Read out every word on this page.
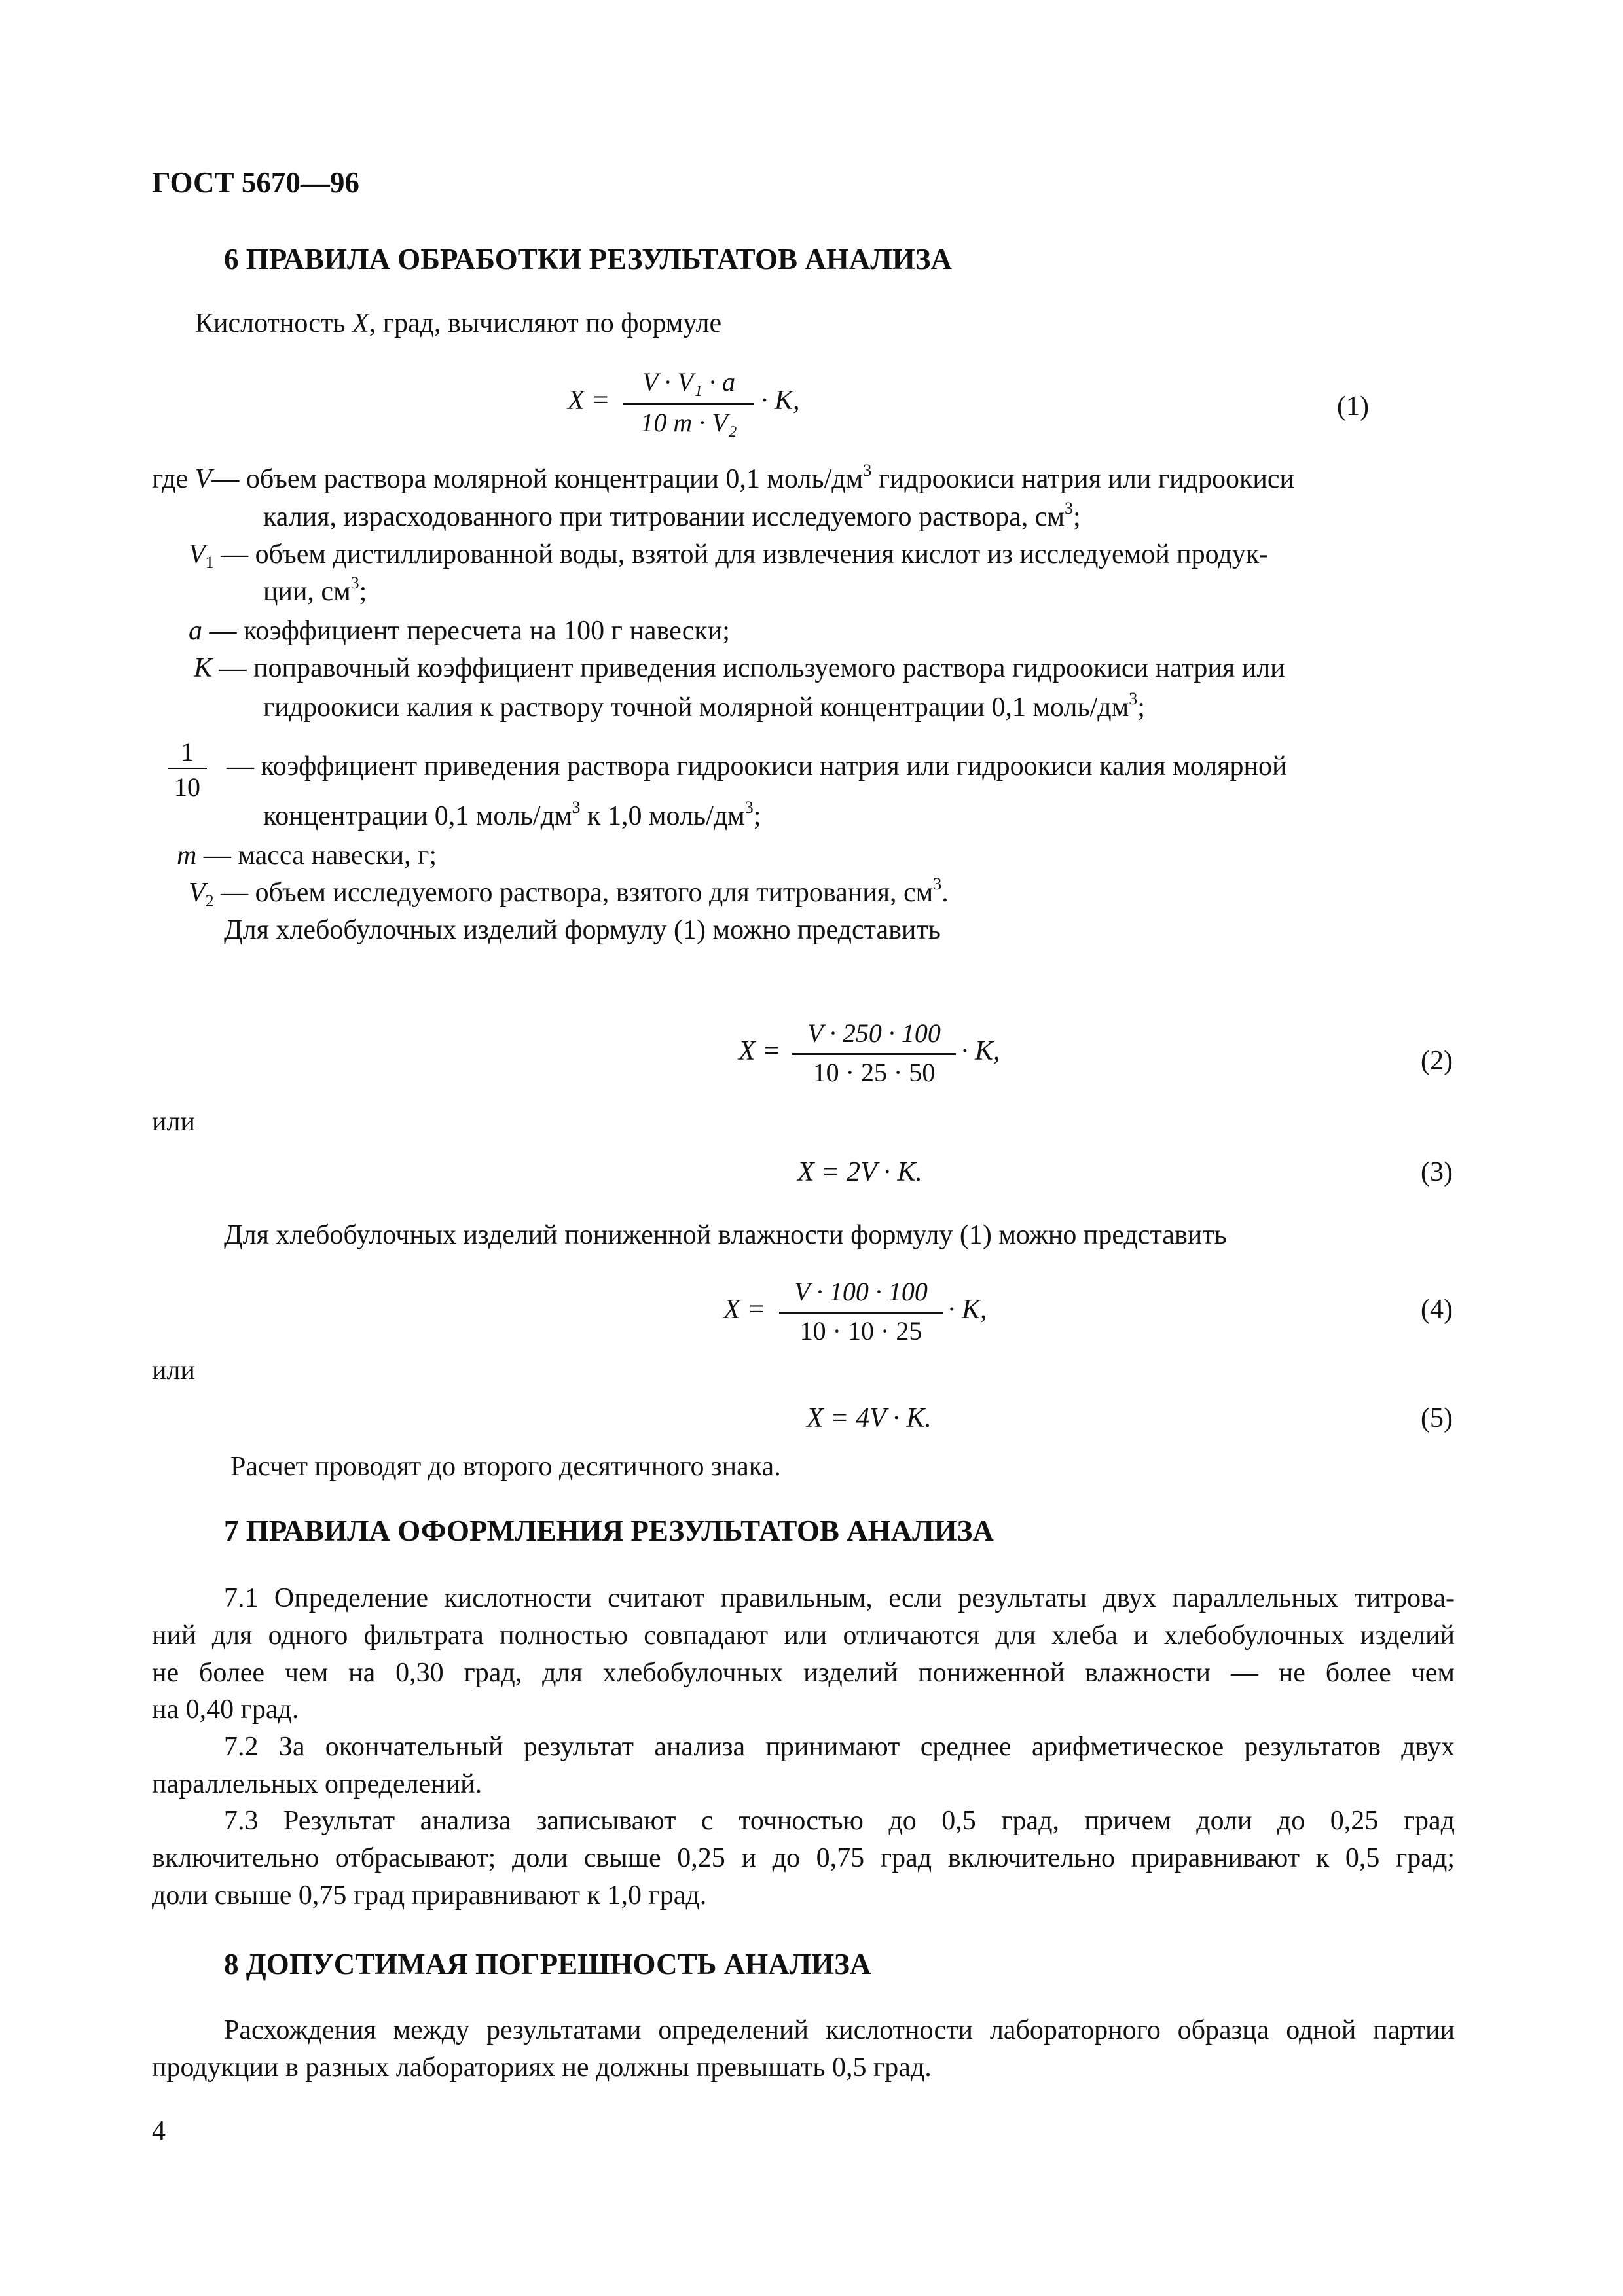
ГОСТ 5670—96
6 ПРАВИЛА ОБРАБОТКИ РЕЗУЛЬТАТОВ АНАЛИЗА
Кислотность X, град, вычисляют по формуле
X =
V · V₁ · a
10 m · V₂
· K,	(1)
где V— объем раствора молярной концентрации 0,1 моль/$дм^3$ гидроокиси натрия или гидроокиси
калия, израсходованного при титровании исследуемого раствора, $см^3$;
$V_1$ — объем дистиллированной воды, взятой для извлечения кислот из исследуемой продук-
ции, $см^3$;
a — коэффициент пересчета на 100 г навески;
K — поправочный коэффициент приведения используемого раствора гидроокиси натрия или
гидроокиси калия к раствору точной молярной концентрации 0,1 моль/$дм^3$;
1
10
— коэффициент приведения раствора гидроокиси натрия или гидроокиси калия молярной
концентрации 0,1 моль/$дм^3$ к 1,0 моль/$дм^3$;
m — масса навески, г;
$V_2$ — объем исследуемого раствора, взятого для титрования, $см^3$.
Для хлебобулочных изделий формулу (1) можно представить
X =
V · 250 · 100
10 · 25 · 50
· K,	(2)
или
X = 2V · K.	(3)
Для хлебобулочных изделий пониженной влажности формулу (1) можно представить
X =
V · 100 · 100
10 · 10 · 25
· K,	(4)
или
X = 4V · K.	(5)
Расчет проводят до второго десятичного знака.
7 ПРАВИЛА ОФОРМЛЕНИЯ РЕЗУЛЬТАТОВ АНАЛИЗА
7.1 Определение кислотности считают правильным, если результаты двух параллельных титрова-
ний для одного фильтрата полностью совпадают или отличаются для хлеба и хлебобулочных изделий
не более чем на 0,30 град, для хлебобулочных изделий пониженной влажности — не более чем
на 0,40 град.
7.2 За окончательный результат анализа принимают среднее арифметическое результатов двух
параллельных определений.
7.3 Результат анализа записывают с точностью до 0,5 град, причем доли до 0,25 град
включительно отбрасывают; доли свыше 0,25 и до 0,75 град включительно приравнивают к 0,5 град;
доли свыше 0,75 град приравнивают к 1,0 град.
8 ДОПУСТИМАЯ ПОГРЕШНОСТЬ АНАЛИЗА
Расхождения между результатами определений кислотности лабораторного образца одной партии
продукции в разных лабораториях не должны превышать 0,5 град.
4
